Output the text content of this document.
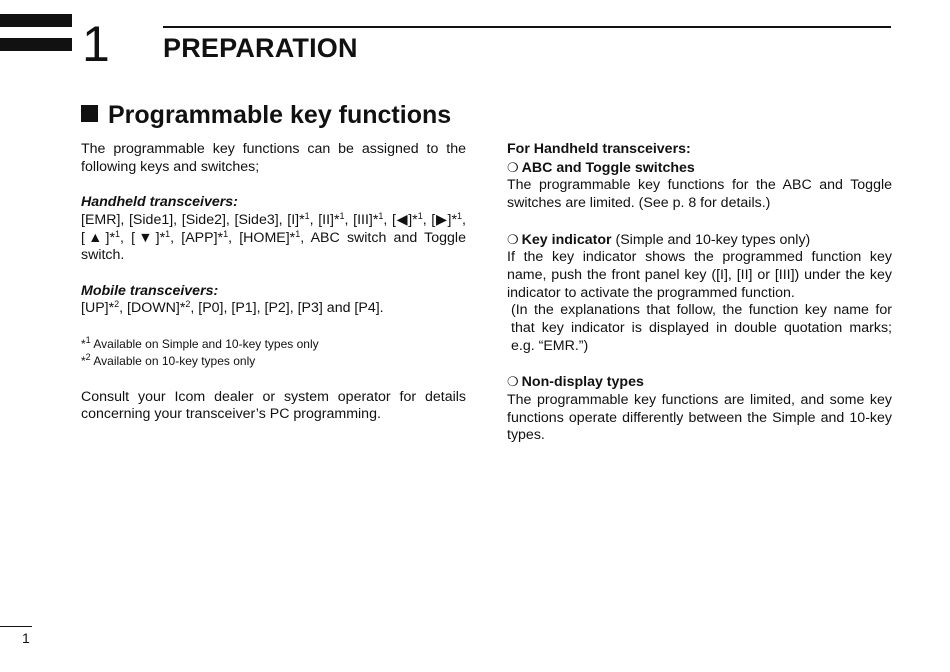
1 PREPARATION
Programmable key functions

The programmable key functions can be assigned to the following keys and switches;

Handheld transceivers:

[EMR], [Side1], [Side2], [Side3], [I]*$^1$, [II]*$^1$, [III]*$^1$, [◀]*$^1$, [▶]*$^1$, [▲]*$^1$, [▼]*$^1$, [APP]*$^1$, [HOME]*$^1$, ABC switch and Toggle switch.

Mobile transceivers:

[UP]*$^2$, [DOWN]*$^2$, [P0], [P1], [P2], [P3] and [P4].

*$^1$ Available on Simple and 10-key types only

*$^2$ Available on 10-key types only

Consult your Icom dealer or system operator for details concerning your transceiver’s PC programming.

For Handheld transceivers:

❍ ABC and Toggle switches

The programmable key functions for the ABC and Toggle switches are limited. (See p. 8 for details.)

❍ Key indicator (Simple and 10-key types only)

If the key indicator shows the programmed function key name, push the front panel key ([I], [II] or [III]) under the key indicator to activate the programmed function.

(In the explanations that follow, the function key name for that key indicator is displayed in double quotation marks; e.g. “EMR.”)

❍ Non-display types

The programmable key functions are limited, and some key functions operate differently between the Simple and 10-key types.

1
